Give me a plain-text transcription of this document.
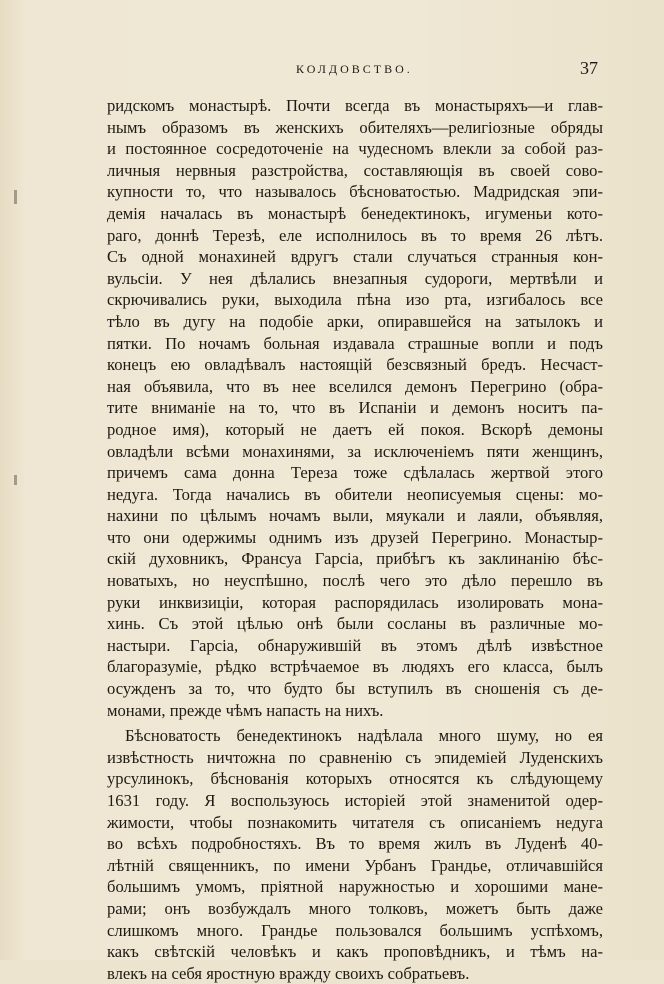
КОЛДОВСТВО.	37
ридскомъ монастырѣ. Почти всегда въ монастыряхъ—и глав-
нымъ образомъ въ женскихъ обителяхъ—религіозные обряды
и постоянное сосредоточеніе на чудесномъ влекли за собой раз-
личныя нервныя разстройства, составляющія въ своей сово-
купности то, что называлось бѣсноватостью. Мадридская эпи-
демія началась въ монастырѣ бенедектинокъ, игуменьи кото-
раго, доннѣ Терезѣ, еле исполнилось въ то время 26 лѣтъ.
Съ одной монахиней вдругъ стали случаться странныя кон-
вульсіи. У нея дѣлались внезапныя судороги, мертвѣли и
скрючивались руки, выходила пѣна изо рта, изгибалось все
тѣло въ дугу на подобіе арки, опиравшейся на затылокъ и
пятки. По ночамъ больная издавала страшные вопли и подъ
конецъ ею овладѣвалъ настоящій безсвязный бредъ. Несчаст-
ная объявила, что въ нее вселился демонъ Перегрино (обра-
тите вниманіе на то, что въ Испаніи и демонъ носитъ па-
родное имя), который не даетъ ей покоя. Вскорѣ демоны
овладѣли всѣми монахинями, за исключеніемъ пяти женщинъ,
причемъ сама донна Тереза тоже сдѣлалась жертвой этого
недуга. Тогда начались въ обители неописуемыя сцены: мо-
нахини по цѣлымъ ночамъ выли, мяукали и лаяли, объявляя,
что они одержимы однимъ изъ друзей Перегрино. Монастыр-
скій духовникъ, Франсуа Гарсіа, прибѣгъ къ заклинанію бѣс-
новатыхъ, но неуспѣшно, послѣ чего это дѣло перешло въ
руки инквизиціи, которая распорядилась изолировать мона-
хинь. Съ этой цѣлью онѣ были сосланы въ различные мо-
настыри. Гарсіа, обнаружившій въ этомъ дѣлѣ извѣстное
благоразуміе, рѣдко встрѣчаемое въ людяхъ его класса, былъ
осужденъ за то, что будто бы вступилъ въ сношенія съ де-
монами, прежде чѣмъ напасть на нихъ.
Бѣсноватость бенедектинокъ надѣлала много шуму, но ея
извѣстность ничтожна по сравненію съ эпидеміей Луденскихъ
урсулинокъ, бѣснованія которыхъ относятся къ слѣдующему
1631 году. Я воспользуюсь исторіей этой знаменитой одер-
жимости, чтобы познакомить читателя съ описаніемъ недуга
во всѣхъ подробностяхъ. Въ то время жилъ въ Луденѣ 40-
лѣтній священникъ, по имени Урбанъ Грандье, отличавшійся
большимъ умомъ, пріятной наружностью и хорошими мане-
рами; онъ возбуждалъ много толковъ, можетъ быть даже
слишкомъ много. Грандье пользовался большимъ успѣхомъ,
какъ свѣтскій человѣкъ и какъ проповѣдникъ, и тѣмъ на-
влекъ на себя яростную вражду своихъ собратьевъ.
